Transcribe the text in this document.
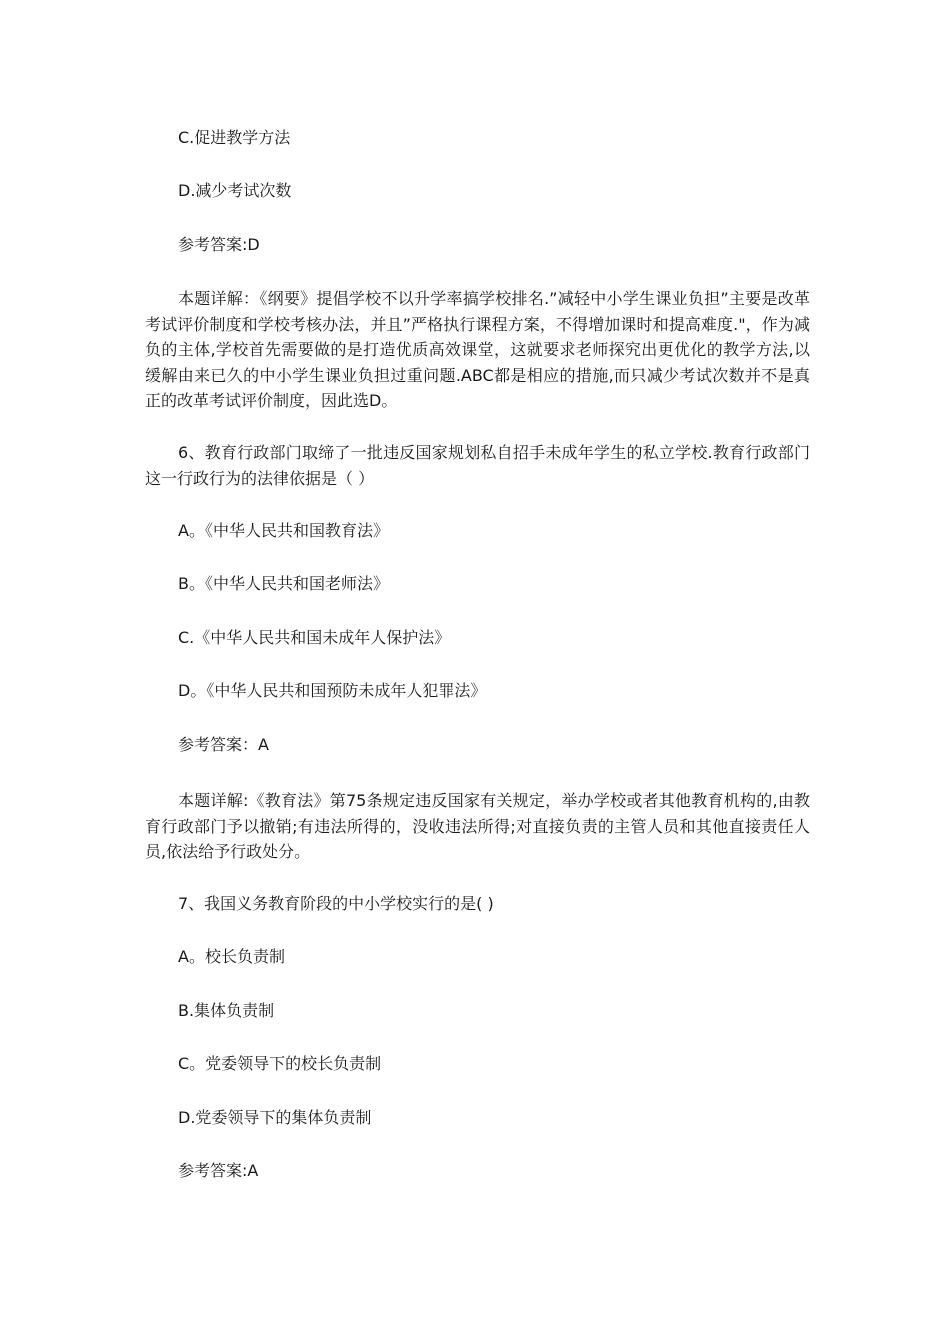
C.促进教学方法
D.减少考试次数
参考答案:D
本题详解：《纲要》提倡学校不以升学率搞学校排名.”减轻中小学生课业负担”主要是改革考试评价制度和学校考核办法，并且”严格执行课程方案，不得增加课时和提高难度."，作为减负的主体,学校首先需要做的是打造优质高效课堂，这就要求老师探究出更优化的教学方法,以缓解由来已久的中小学生课业负担过重问题.ABC都是相应的措施,而只减少考试次数并不是真正的改革考试评价制度，因此选D。
6、教育行政部门取缔了一批违反国家规划私自招手未成年学生的私立学校.教育行政部门这一行政行为的法律依据是（ ）
A。《中华人民共和国教育法》
B。《中华人民共和国老师法》
C.《中华人民共和国未成年人保护法》
D。《中华人民共和国预防未成年人犯罪法》
参考答案：A
本题详解:《教育法》第75条规定违反国家有关规定，举办学校或者其他教育机构的,由教育行政部门予以撤销;有违法所得的，没收违法所得;对直接负责的主管人员和其他直接责任人员,依法给予行政处分。
7、我国义务教育阶段的中小学校实行的是( )
A。校长负责制
B.集体负责制
C。党委领导下的校长负责制
D.党委领导下的集体负责制
参考答案:A
